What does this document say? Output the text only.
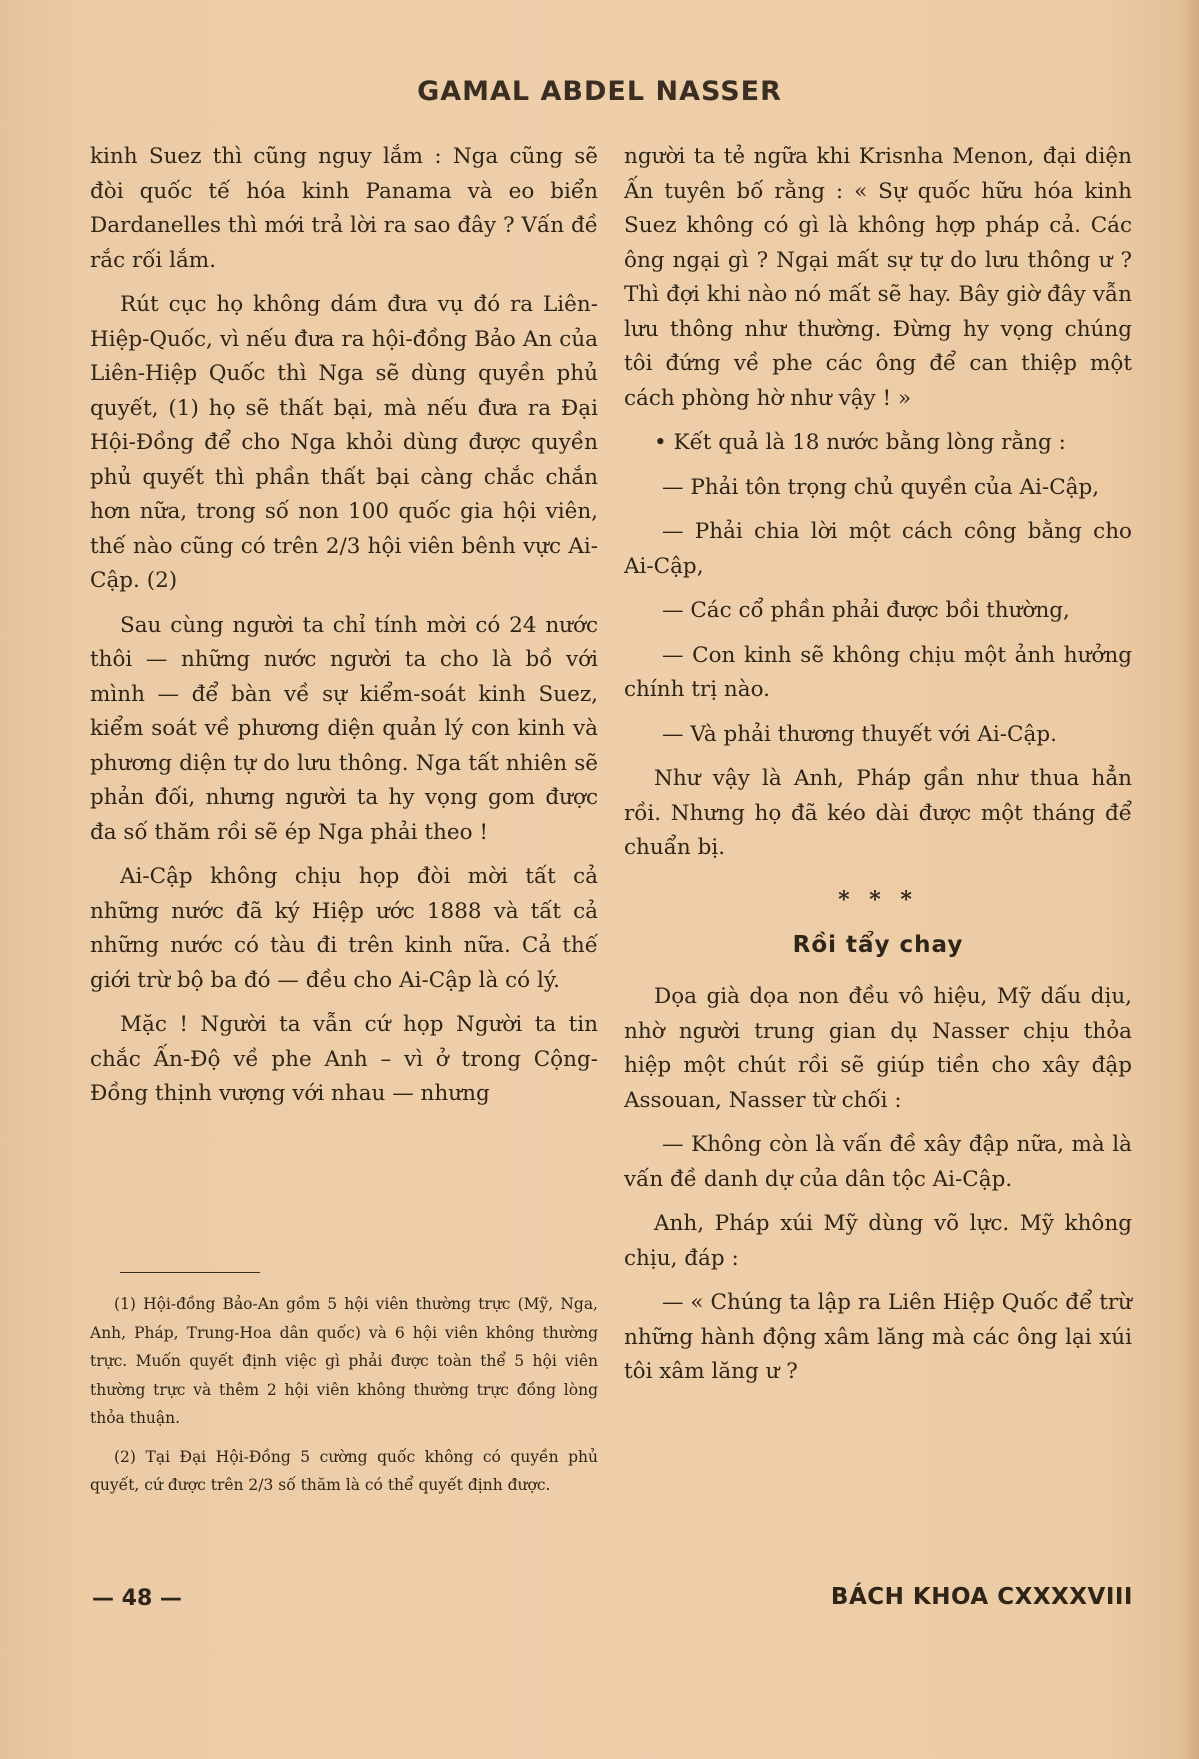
GAMAL ABDEL NASSER

kinh Suez thì cũng nguy lắm : Nga cũng sẽ đòi quốc tế hóa kinh Panama và eo biển Dardanelles thì mới trả lời ra sao đây ? Vấn đề rắc rối lắm.

Rút cục họ không dám đưa vụ đó ra Liên-Hiệp-Quốc, vì nếu đưa ra hội-đồng Bảo An của Liên-Hiệp Quốc thì Nga sẽ dùng quyền phủ quyết, (1) họ sẽ thất bại, mà nếu đưa ra Đại Hội-Đồng để cho Nga khỏi dùng được quyền phủ quyết thì phần thất bại càng chắc chắn hơn nữa, trong số non 100 quốc gia hội viên, thế nào cũng có trên 2/3 hội viên bênh vực Ai-Cập. (2)

Sau cùng người ta chỉ tính mời có 24 nước thôi — những nước người ta cho là bồ với mình — để bàn về sự kiểm-soát kinh Suez, kiểm soát về phương diện quản lý con kinh và phương diện tự do lưu thông. Nga tất nhiên sẽ phản đối, nhưng người ta hy vọng gom được đa số thăm rồi sẽ ép Nga phải theo !

Ai-Cập không chịu họp đòi mời tất cả những nước đã ký Hiệp ước 1888 và tất cả những nước có tàu đi trên kinh nữa. Cả thế giới trừ bộ ba đó — đều cho Ai-Cập là có lý.

Mặc ! Người ta vẫn cứ họp Người ta tin chắc Ấn-Độ về phe Anh – vì ở trong Cộng-Đồng thịnh vượng với nhau — nhưng

(1) Hội-đồng Bảo-An gồm 5 hội viên thường trực (Mỹ, Nga, Anh, Pháp, Trung-Hoa dân quốc) và 6 hội viên không thường trực. Muốn quyết định việc gì phải được toàn thể 5 hội viên thường trực và thêm 2 hội viên không thường trực đồng lòng thỏa thuận.

(2) Tại Đại Hội-Đồng 5 cường quốc không có quyền phủ quyết, cứ được trên 2/3 số thăm là có thể quyết định được.

người ta tẻ ngữa khi Krisnha Menon, đại diện Ấn tuyên bố rằng : « Sự quốc hữu hóa kinh Suez không có gì là không hợp pháp cả. Các ông ngại gì ? Ngại mất sự tự do lưu thông ư ? Thì đợi khi nào nó mất sẽ hay. Bây giờ đây vẫn lưu thông như thường. Đừng hy vọng chúng tôi đứng về phe các ông để can thiệp một cách phòng hờ như vậy ! »

• Kết quả là 18 nước bằng lòng rằng :

— Phải tôn trọng chủ quyền của Ai-Cập,

— Phải chia lời một cách công bằng cho Ai-Cập,

— Các cổ phần phải được bồi thường,

— Con kinh sẽ không chịu một ảnh hưởng chính trị nào.

— Và phải thương thuyết với Ai-Cập.

Như vậy là Anh, Pháp gần như thua hẳn rồi. Nhưng họ đã kéo dài được một tháng để chuẩn bị.

* * *
Rồi tẩy chay

Dọa già dọa non đều vô hiệu, Mỹ dấu dịu, nhờ người trung gian dụ Nasser chịu thỏa hiệp một chút rồi sẽ giúp tiền cho xây đập Assouan, Nasser từ chối :

— Không còn là vấn đề xây đập nữa, mà là vấn đề danh dự của dân tộc Ai-Cập.

Anh, Pháp xúi Mỹ dùng võ lực. Mỹ không chịu, đáp :

— « Chúng ta lập ra Liên Hiệp Quốc để trừ những hành động xâm lăng mà các ông lại xúi tôi xâm lăng ư ?

— 48 —	BÁCH KHOA CXXXXVIII
